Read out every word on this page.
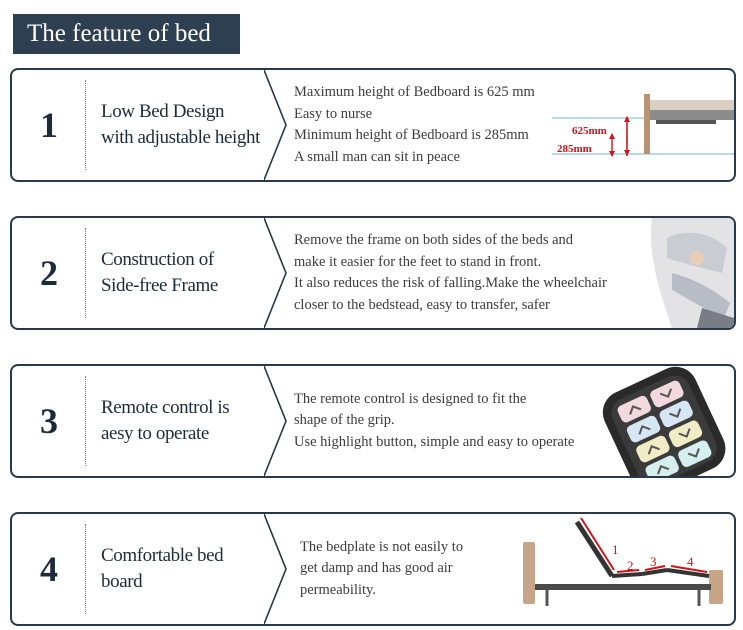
The feature of bed
1	Low Bed Design
with adjustable height
Maximum height of Bedboard is 625 mm
Easy to nurse
Minimum height of Bedboard is 285mm
A small man can sit in peace
625mm
285mm
2	Construction of
Side-free Frame
Remove the frame on both sides of the beds and
make it easier for the feet to stand in front.
It also reduces the risk of falling.Make the wheelchair
closer to the bedstead, easy to transfer, safer
3	Remote control is
aesy to operate
The remote control is designed to fit the
shape of the grip.
Use highlight button, simple and easy to operate
4	Comfortable bed
board
The bedplate is not easily to
get damp and has good air
permeability.
1
2 3 4
